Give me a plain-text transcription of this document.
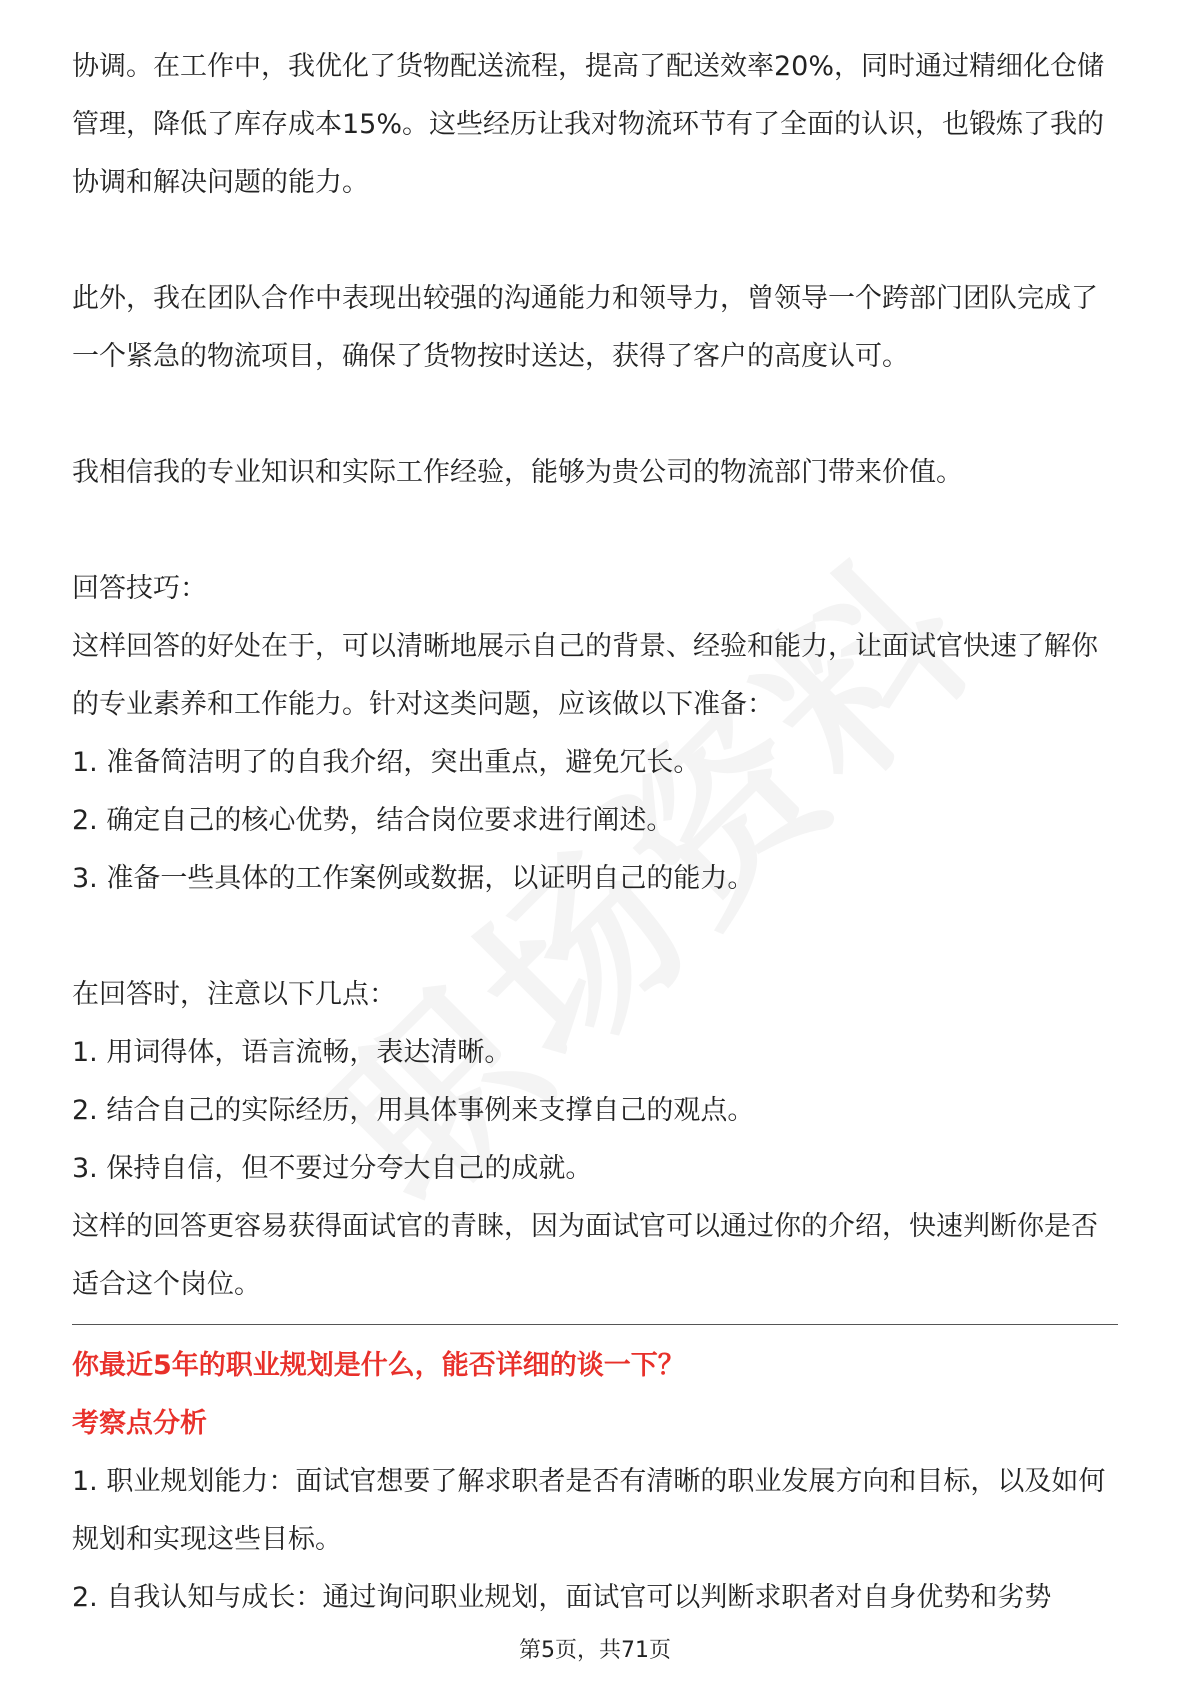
协调。在工作中，我优化了货物配送流程，提高了配送效率20%，同时通过精细化仓储管理，降低了库存成本15%。这些经历让我对物流环节有了全面的认识，也锻炼了我的协调和解决问题的能力。

此外，我在团队合作中表现出较强的沟通能力和领导力，曾领导一个跨部门团队完成了一个紧急的物流项目，确保了货物按时送达，获得了客户的高度认可。

我相信我的专业知识和实际工作经验，能够为贵公司的物流部门带来价值。

回答技巧：

这样回答的好处在于，可以清晰地展示自己的背景、经验和能力，让面试官快速了解你的专业素养和工作能力。针对这类问题，应该做以下准备：

1. 准备简洁明了的自我介绍，突出重点，避免冗长。

2. 确定自己的核心优势，结合岗位要求进行阐述。

3. 准备一些具体的工作案例或数据，以证明自己的能力。

在回答时，注意以下几点：

1. 用词得体，语言流畅，表达清晰。

2. 结合自己的实际经历，用具体事例来支撑自己的观点。

3. 保持自信，但不要过分夸大自己的成就。

这样的回答更容易获得面试官的青睐，因为面试官可以通过你的介绍，快速判断你是否适合这个岗位。

你最近5年的职业规划是什么，能否详细的谈一下？

考察点分析

1. 职业规划能力：面试官想要了解求职者是否有清晰的职业发展方向和目标，以及如何规划和实现这些目标。

2. 自我认知与成长：通过询问职业规划，面试官可以判断求职者对自身优势和劣势

第5页，共71页
